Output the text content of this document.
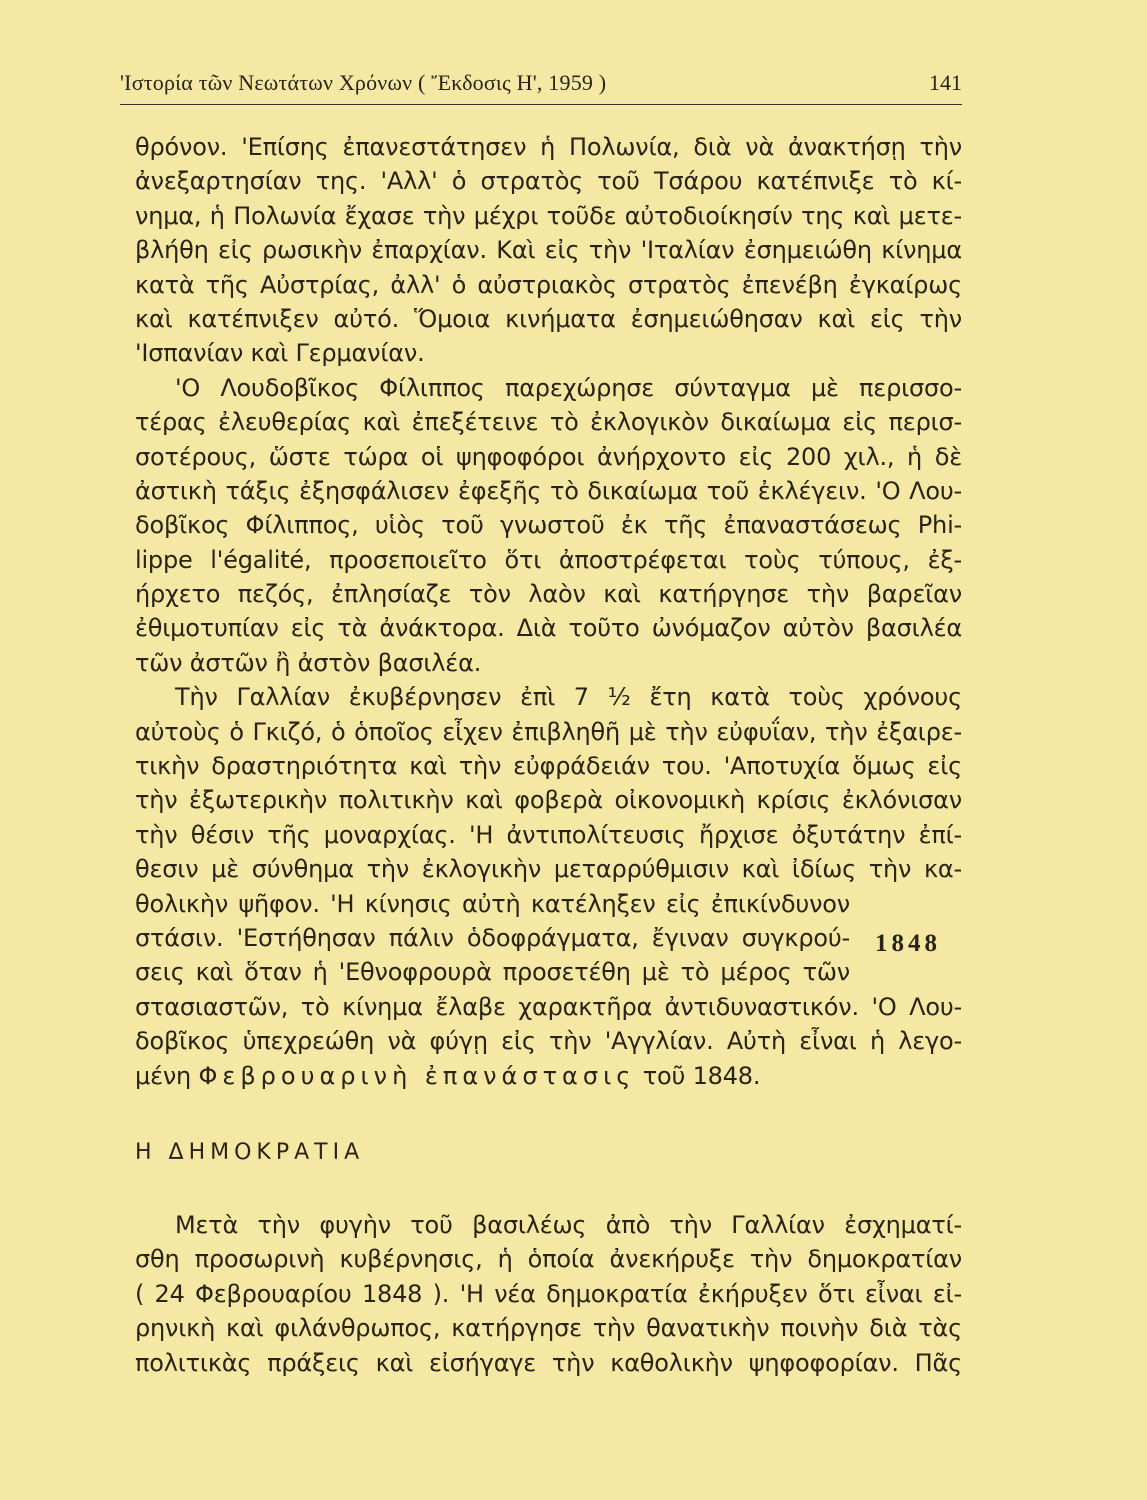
'Ιστορία τῶν Νεωτάτων Χρόνων ( Ἔκδοσις Η', 1959 )	141
θρόνον. 'Επίσης ἐπανεστάτησεν ἡ Πολωνία, διὰ νὰ ἀνακτήσῃ τὴν
ἀνεξαρτησίαν της. 'Αλλ' ὁ στρατὸς τοῦ Τσάρου κατέπνιξε τὸ κί-
νημα, ἡ Πολωνία ἔχασε τὴν μέχρι τοῦδε αὐτοδιοίκησίν της καὶ μετε-
βλήθη εἰς ρωσικὴν ἐπαρχίαν. Καὶ εἰς τὴν 'Ιταλίαν ἐσημειώθη κίνημα
κατὰ τῆς Αὐστρίας, ἀλλ' ὁ αὐστριακὸς στρατὸς ἐπενέβη ἐγκαίρως
καὶ κατέπνιξεν αὐτό. Ὅμοια κινήματα ἐσημειώθησαν καὶ εἰς τὴν
'Ισπανίαν καὶ Γερμανίαν.
'Ο Λουδοβῖκος Φίλιππος παρεχώρησε σύνταγμα μὲ περισσο-
τέρας ἐλευθερίας καὶ ἐπεξέτεινε τὸ ἐκλογικὸν δικαίωμα εἰς περισ-
σοτέρους, ὥστε τώρα οἱ ψηφοφόροι ἀνήρχοντο εἰς 200 χιλ., ἡ δὲ
ἀστικὴ τάξις ἐξησφάλισεν ἐφεξῆς τὸ δικαίωμα τοῦ ἐκλέγειν. 'Ο Λου-
δοβῖκος Φίλιππος, υἱὸς τοῦ γνωστοῦ ἐκ τῆς ἐπαναστάσεως Phi-
lippe l'égalité, προσεποιεῖτο ὅτι ἀποστρέφεται τοὺς τύπους, ἐξ-
ήρχετο πεζός, ἐπλησίαζε τὸν λαὸν καὶ κατήργησε τὴν βαρεῖαν
ἐθιμοτυπίαν εἰς τὰ ἀνάκτορα. Διὰ τοῦτο ὠνόμαζον αὐτὸν βασιλέα
τῶν ἀστῶν ἢ ἀστὸν βασιλέα.
Τὴν Γαλλίαν ἐκυβέρνησεν ἐπὶ 7 ½ ἔτη κατὰ τοὺς χρόνους
αὐτοὺς ὁ Γκιζό, ὁ ὁποῖος εἶχεν ἐπιβληθῆ μὲ τὴν εὐφυΐαν, τὴν ἐξαιρε-
τικὴν δραστηριότητα καὶ τὴν εὐφράδειάν του. 'Αποτυχία ὅμως εἰς
τὴν ἐξωτερικὴν πολιτικὴν καὶ φοβερὰ οἰκονομικὴ κρίσις ἐκλόνισαν
τὴν θέσιν τῆς μοναρχίας. 'Η ἀντιπολίτευσις ἤρχισε ὀξυτάτην ἐπί-
θεσιν μὲ σύνθημα τὴν ἐκλογικὴν μεταρρύθμισιν καὶ ἰδίως τὴν κα-
θολικὴν ψῆφον. 'Η κίνησις αὐτὴ κατέληξεν εἰς ἐπικίνδυνον
στάσιν. 'Εστήθησαν πάλιν ὁδοφράγματα, ἔγιναν συγκρού-
σεις καὶ ὅταν ἡ 'Εθνοφρουρὰ προσετέθη μὲ τὸ μέρος τῶν
στασιαστῶν, τὸ κίνημα ἔλαβε χαρακτῆρα ἀντιδυναστικόν. 'Ο Λου-
δοβῖκος ὑπεχρεώθη νὰ φύγῃ εἰς τὴν 'Αγγλίαν. Αὐτὴ εἶναι ἡ λεγο-
μένη Φεβρουαρινὴ ἐπανάστασις τοῦ 1848.
1848
Η ΔΗΜΟΚΡΑΤΙΑ
Μετὰ τὴν φυγὴν τοῦ βασιλέως ἀπὸ τὴν Γαλλίαν ἐσχηματί-
σθη προσωρινὴ κυβέρνησις, ἡ ὁποία ἀνεκήρυξε τὴν δημοκρατίαν
( 24 Φεβρουαρίου 1848 ). 'Η νέα δημοκρατία ἐκήρυξεν ὅτι εἶναι εἰ-
ρηνικὴ καὶ φιλάνθρωπος, κατήργησε τὴν θανατικὴν ποινὴν διὰ τὰς
πολιτικὰς πράξεις καὶ εἰσήγαγε τὴν καθολικὴν ψηφοφορίαν. Πᾶς
